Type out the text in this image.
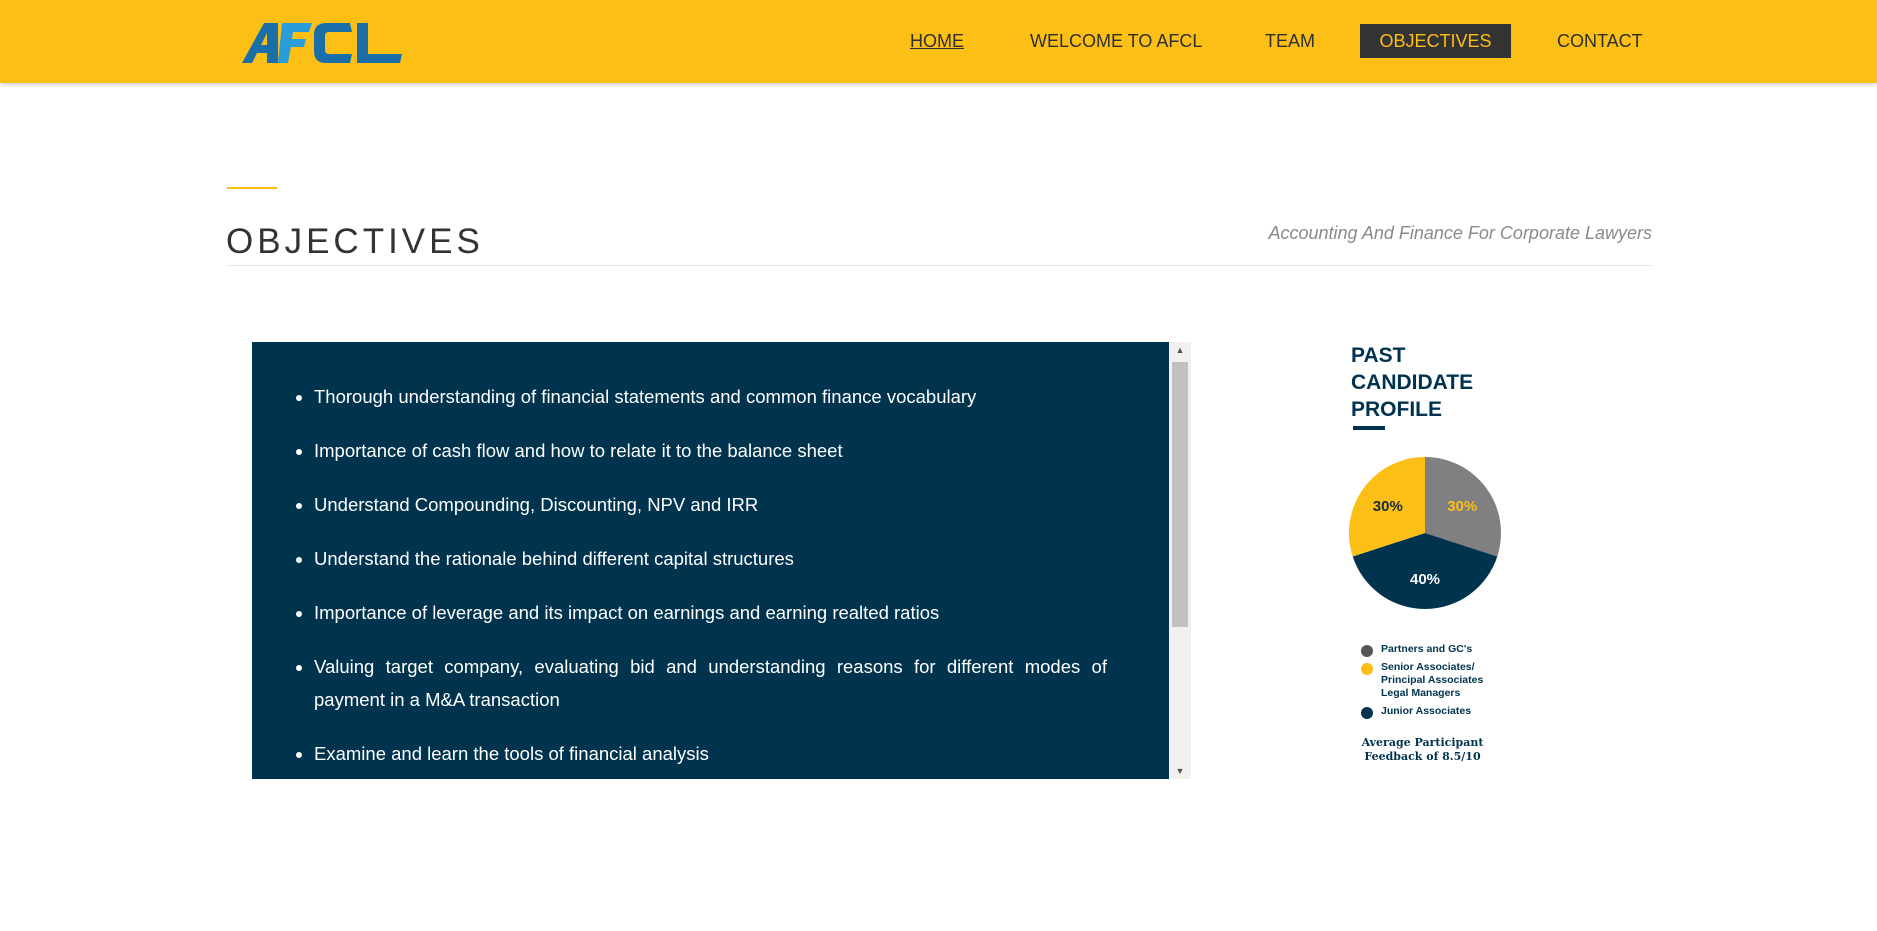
AFCL
HOME	WELCOME TO AFCL	TEAM	OBJECTIVES	CONTACT
OBJECTIVES	Accounting And Finance For Corporate Lawyers
• Thorough understanding of financial statements and common finance vocabulary
• Importance of cash flow and how to relate it to the balance sheet
• Understand Compounding, Discounting, NPV and IRR
• Understand the rationale behind different capital structures
• Importance of leverage and its impact on earnings and earning realted ratios
• Valuing target company, evaluating bid and understanding reasons for different modes of payment in a M&A transaction
• Examine and learn the tools of financial analysis
▲
▼
PAST
CANDIDATE
PROFILE
30%
40%
30%
Partners and GC's
Senior Associates/
Principal Associates
Legal Managers
Junior Associates
Average Participant
Feedback of 8.5/10
